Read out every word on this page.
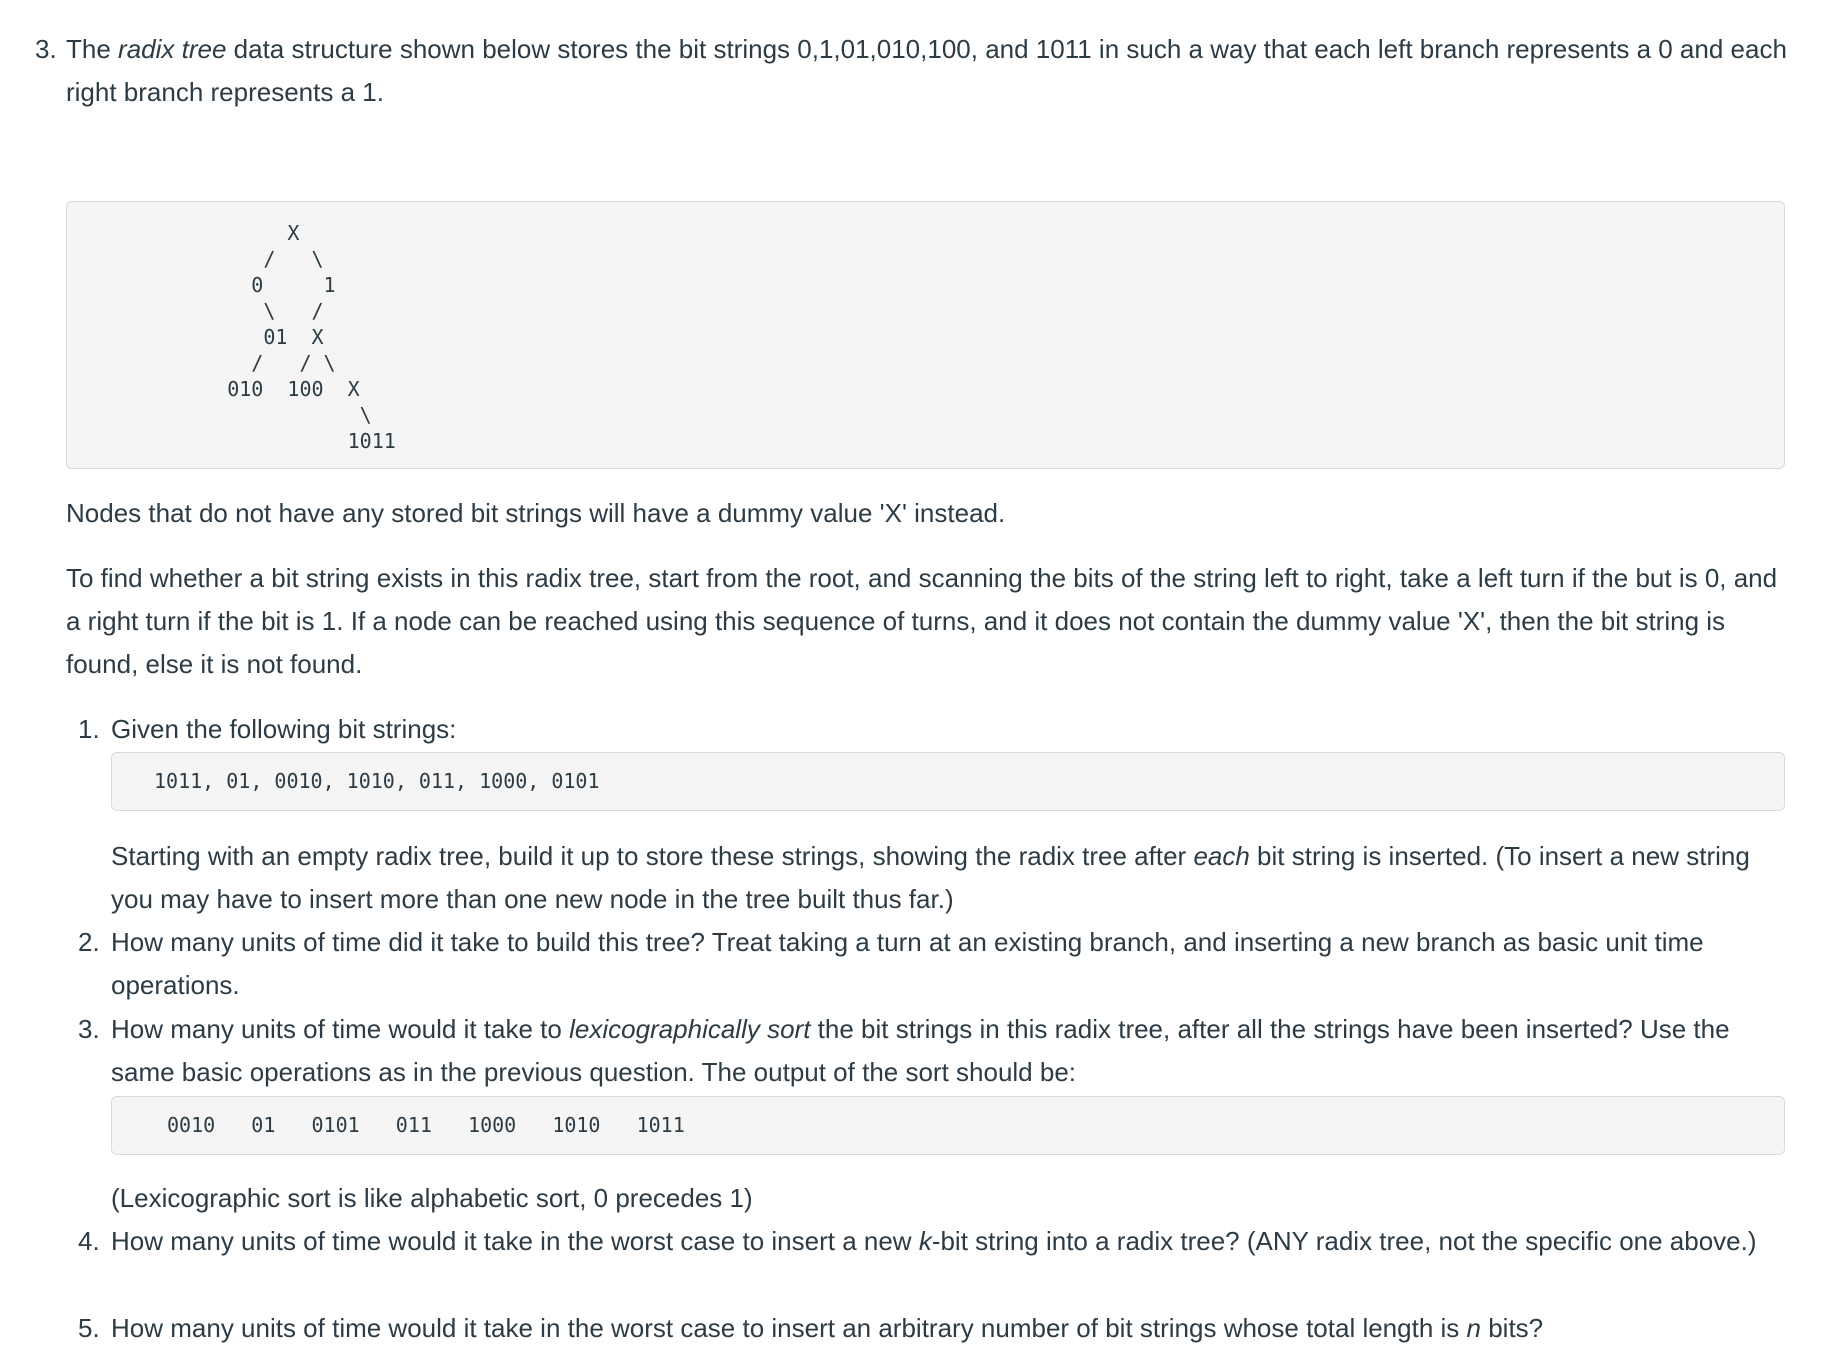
3. The radix tree data structure shown below stores the bit strings 0,1,01,010,100, and 1011 in such a way that each left branch represents a 0 and each right branch represents a 1.

X
/   \
0     1
\   /
01  X
/   / \
010  100  X
\
1011

Nodes that do not have any stored bit strings will have a dummy value 'X' instead.

To find whether a bit string exists in this radix tree, start from the root, and scanning the bits of the string left to right, take a left turn if the but is 0, and a right turn if the bit is 1. If a node can be reached using this sequence of turns, and it does not contain the dummy value 'X', then the bit string is found, else it is not found.

1. Given the following bit strings:
1011, 01, 0010, 1010, 011, 1000, 0101

Starting with an empty radix tree, build it up to store these strings, showing the radix tree after each bit string is inserted. (To insert a new string you may have to insert more than one new node in the tree built thus far.)

2. How many units of time did it take to build this tree? Treat taking a turn at an existing branch, and inserting a new branch as basic unit time operations.
3. How many units of time would it take to lexicographically sort the bit strings in this radix tree, after all the strings have been inserted? Use the same basic operations as in the previous question. The output of the sort should be:
0010   01   0101   011   1000   1010   1011

(Lexicographic sort is like alphabetic sort, 0 precedes 1)

4. How many units of time would it take in the worst case to insert a new k-bit string into a radix tree? (ANY radix tree, not the specific one above.)
5. How many units of time would it take in the worst case to insert an arbitrary number of bit strings whose total length is n bits?
